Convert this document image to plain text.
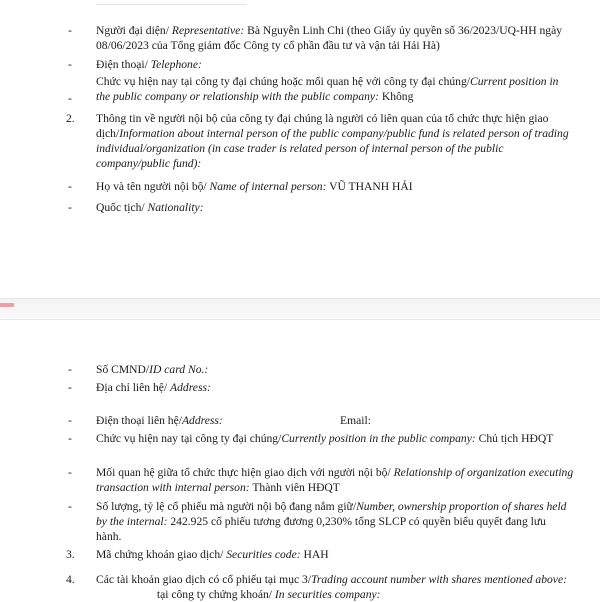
-	Người đại diện/ Representative: Bà Nguyễn Linh Chi (theo Giấy ủy quyền số 36/2023/UQ-HH ngày 08/06/2023 của Tổng giám đốc Công ty cổ phần đầu tư và vận tải Hải Hà)
-	Điện thoại/ Telephone:
-
Chức vụ hiện nay tại công ty đại chúng hoặc mối quan hệ với công ty đại chúng/Current position in the public company or relationship with the public company: Không
2.	Thông tin về người nội bộ của công ty đại chúng là người có liên quan của tổ chức thực hiện giao dịch/Information about internal person of the public company/public fund is related person of trading individual/organization (in case trader is related person of internal person of the public company/public fund):
-	Họ và tên người nội bộ/ Name of internal person: VŨ THANH HẢI
-	Quốc tịch/ Nationality:
-	Số CMND/ID card No.:
-	Địa chỉ liên hệ/ Address:
-	Điện thoại liên hệ/Address:	Email:
-	Chức vụ hiện nay tại công ty đại chúng/Currently position in the public company: Chủ tịch HĐQT
-	Mối quan hệ giữa tổ chức thực hiện giao dịch với người nội bộ/ Relationship of organization executing transaction with internal person: Thành viên HĐQT
-	Số lượng, tỷ lệ cổ phiếu mà người nội bộ đang nắm giữ/Number, ownership proportion of shares held by the internal: 242.925 cổ phiếu tương đương 0,230% tổng SLCP có quyền biểu quyết đang lưu hành.
3.	Mã chứng khoán giao dịch/ Securities code: HAH
4.	Các tài khoản giao dịch có cổ phiếu tại mục 3/Trading account number with shares mentioned above:                     tại công ty chứng khoán/ In securities company:
